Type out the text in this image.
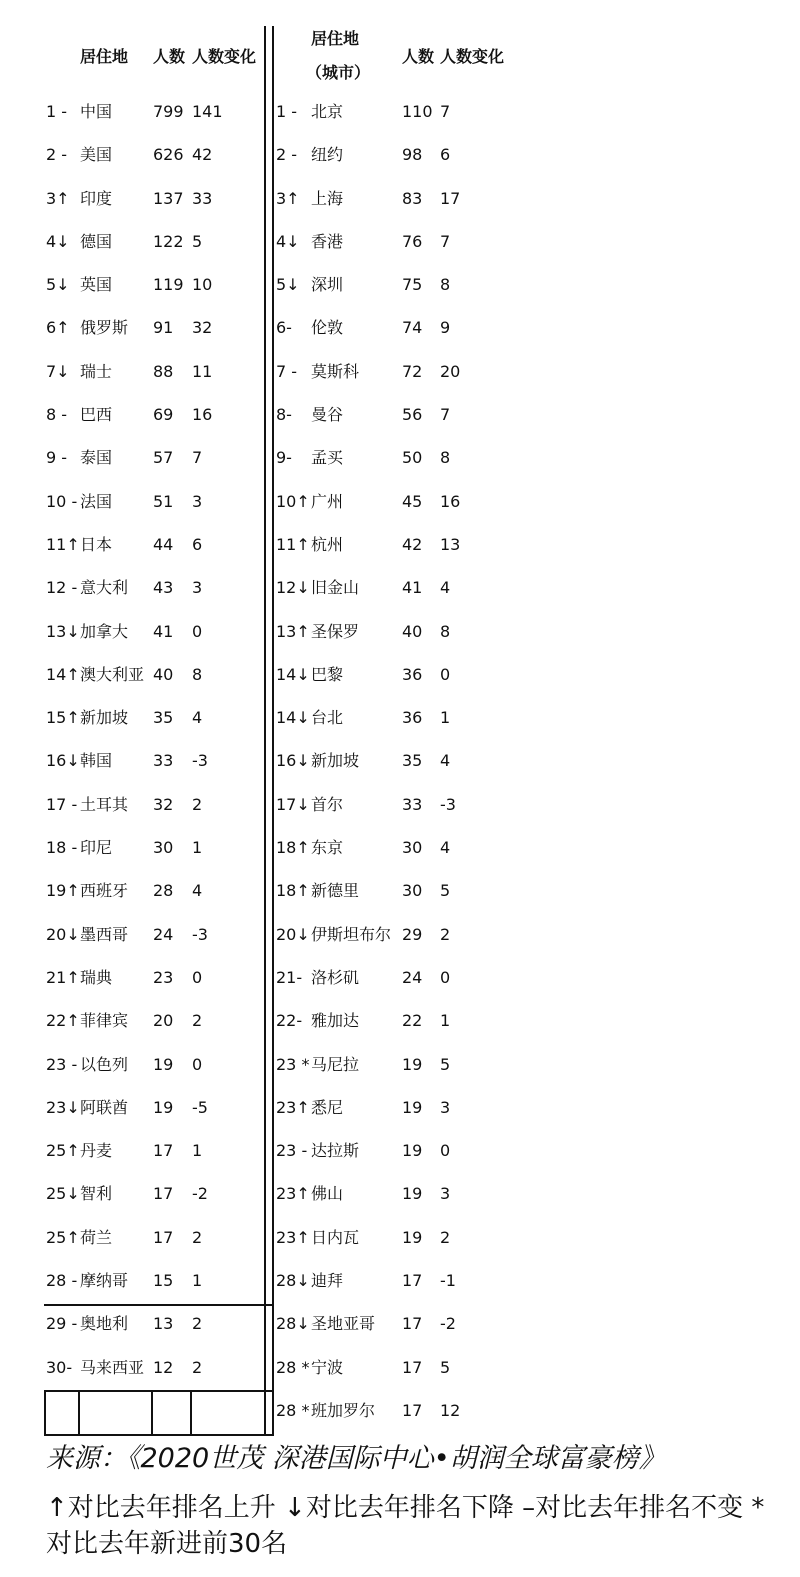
居住地 人数 人数变化
居住地
（城市）
人数 人数变化
1 - 中国	799 141	1 - 北京	110 7
2 - 美国	626 42	2 - 纽约	98 6
3↑ 印度	137 33	3↑ 上海	83 17
4↓ 德国	122 5	4↓ 香港	76 7
5↓ 英国	119 10	5↓ 深圳	75 8
6↑ 俄罗斯 91 32	6- 伦敦	74 9
7↓ 瑞士	88 11	7 - 莫斯科	72 20
8 - 巴西	69 16	8- 曼谷	56 7
9 - 泰国	57 7	9- 孟买	50 8
10 - 法国	51 3	10↑ 广州	45 16
11↑ 日本	44 6	11↑ 杭州	42 13
12 - 意大利 43 3	12↓ 旧金山	41 4
13↓ 加拿大 41 0	13↑ 圣保罗	40 8
14↑ 澳大利亚 40 8	14↓ 巴黎	36 0
15↑ 新加坡 35 4	14↓ 台北	36 1
16↓ 韩国	33 -3	16↓ 新加坡	35 4
17 - 土耳其 32 2	17↓ 首尔	33 -3
18 - 印尼	30 1	18↑ 东京	30 4
19↑ 西班牙 28 4	18↑ 新德里	30 5
20↓ 墨西哥 24 -3	20↓ 伊斯坦布尔 29 2
21↑ 瑞典	23 0	21- 洛杉矶	24 0
22↑ 菲律宾 20 2	22- 雅加达	22 1
23 - 以色列 19 0	23 * 马尼拉	19 5
23↓ 阿联酋 19 -5	23↑ 悉尼	19 3
25↑ 丹麦	17 1	23 - 达拉斯	19 0
25↓ 智利	17 -2	23↑ 佛山	19 3
25↑ 荷兰	17 2	23↑ 日内瓦	19 2
28 - 摩纳哥 15 1	28↓ 迪拜	17 -1
29 - 奥地利 13 2	28↓ 圣地亚哥 17 -2
30- 马来西亚 12 2	28 * 宁波	17 5
28 * 班加罗尔 17 12
来源：《2020世茂 深港国际中心•胡润全球富豪榜》
↑对比去年排名上升 ↓对比去年排名下降 –对比去年排名不变 *对比去年新进前30名
